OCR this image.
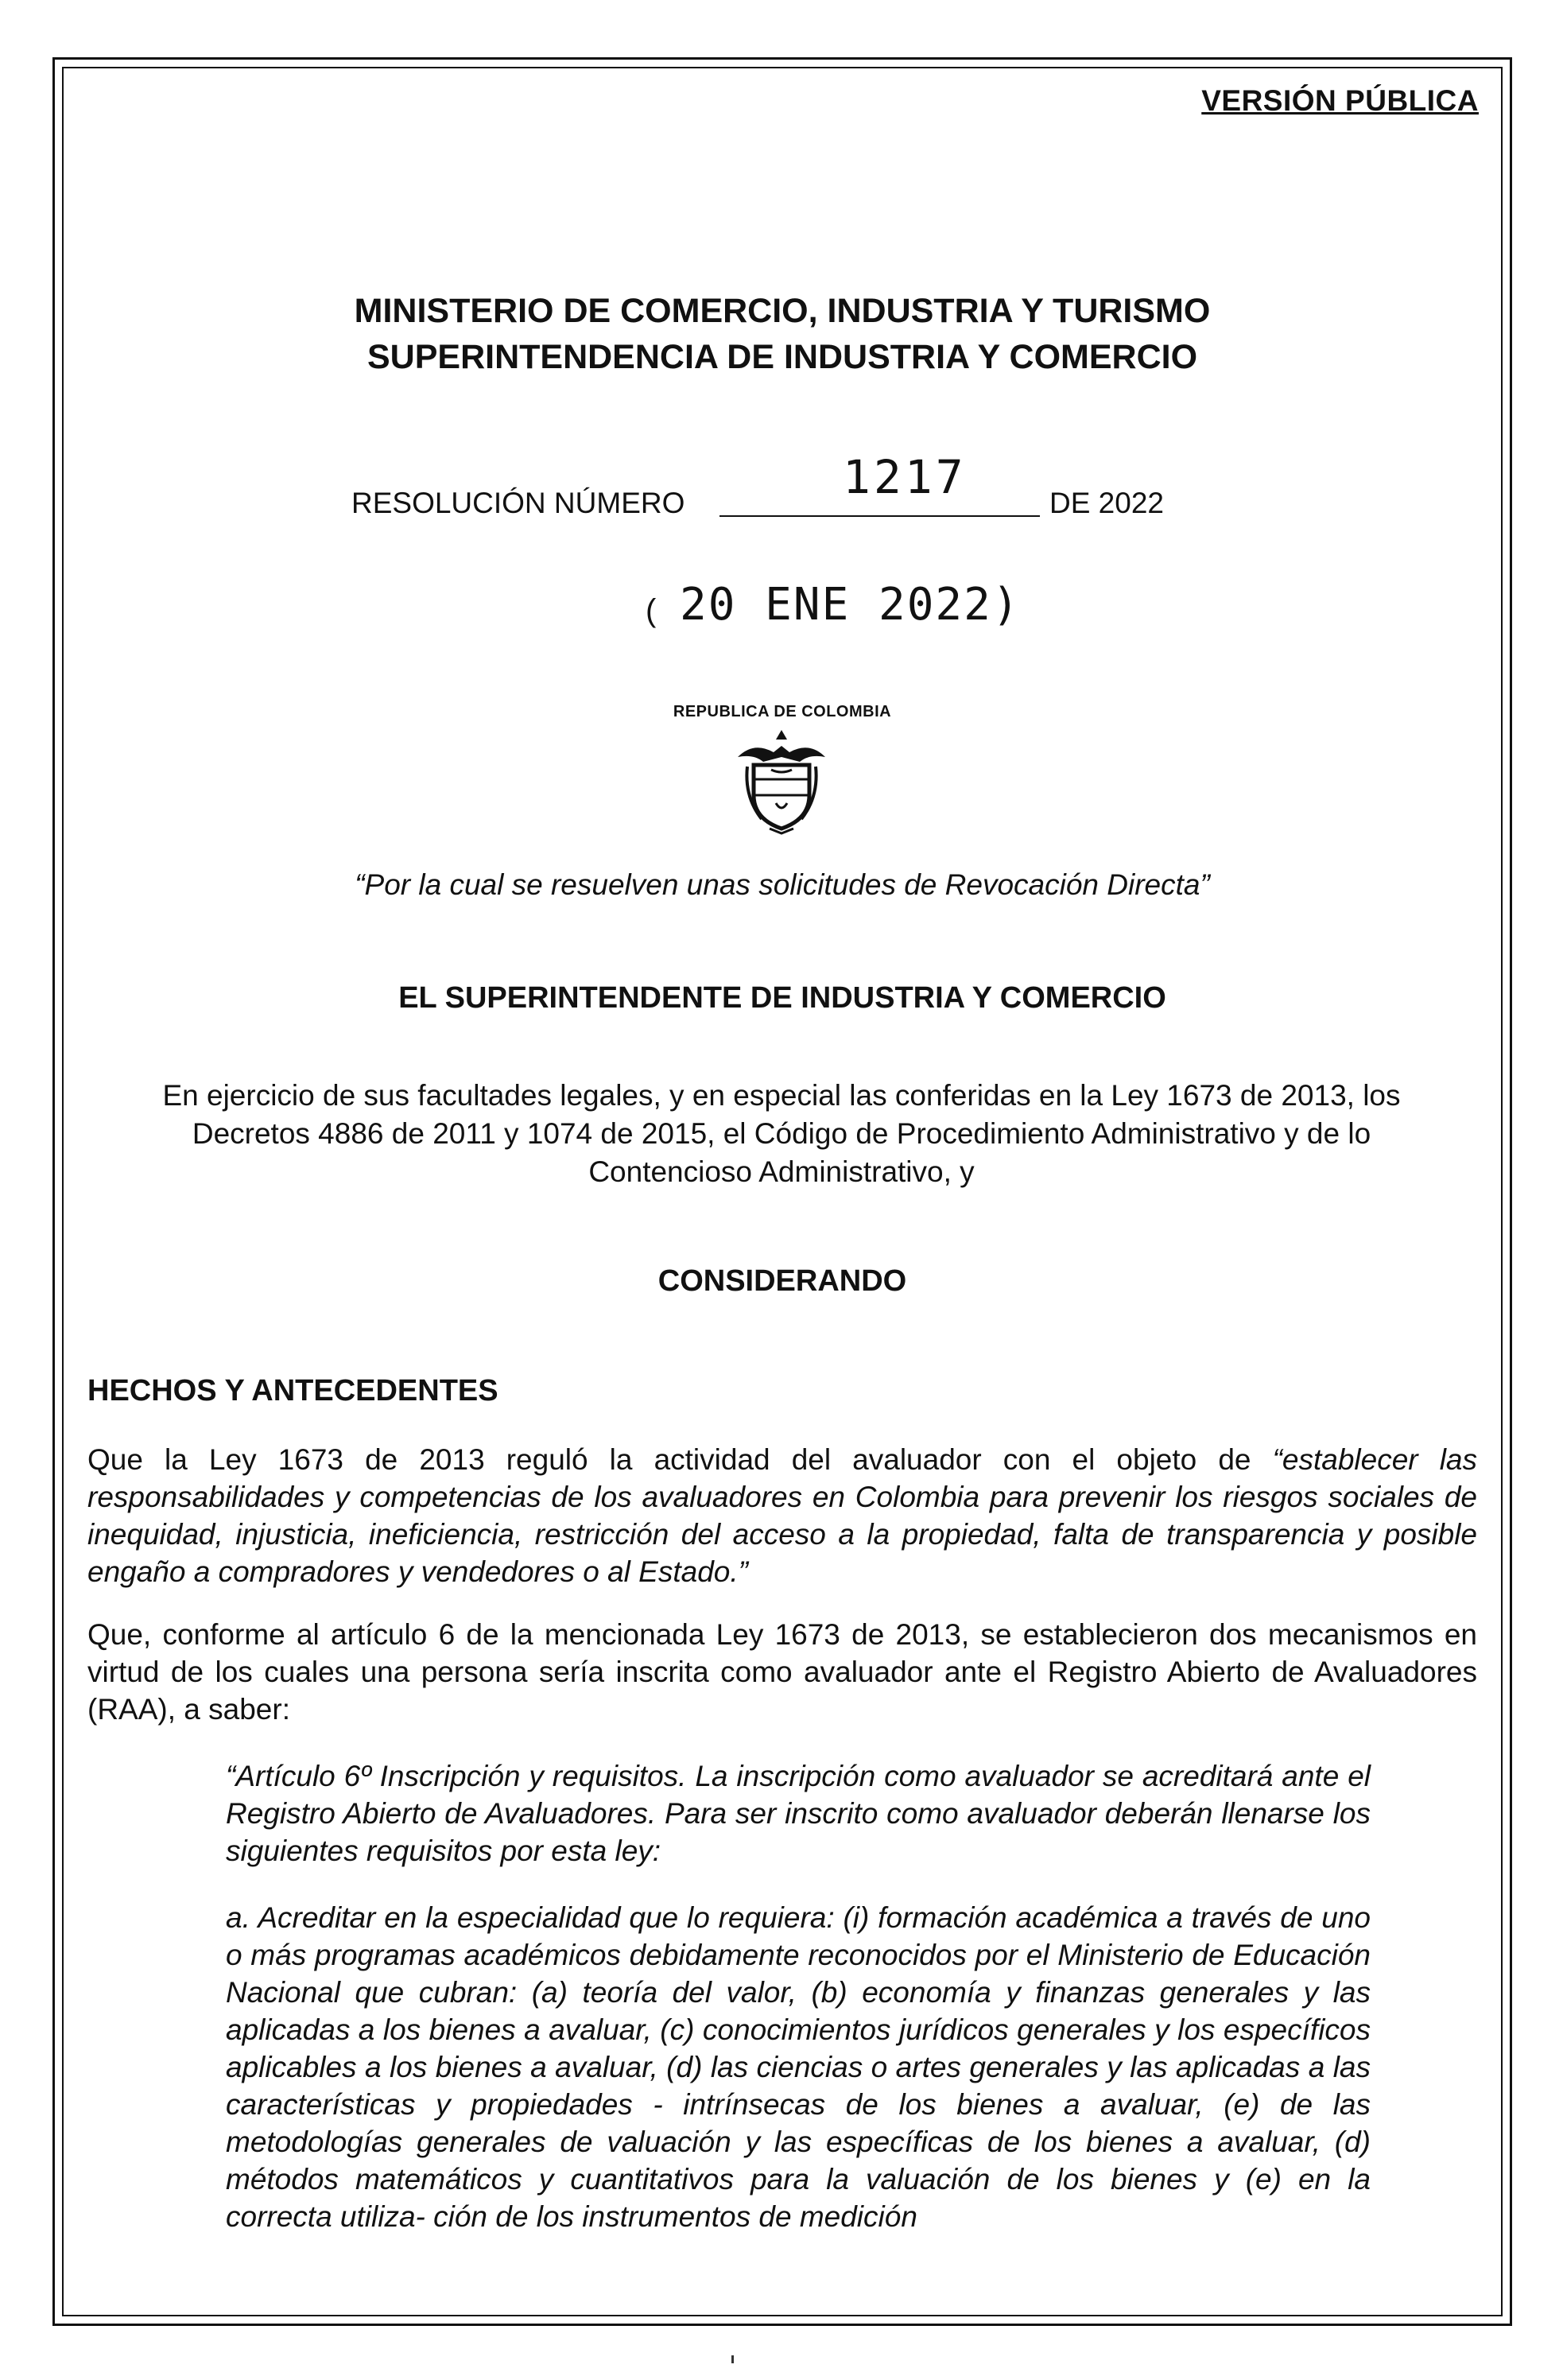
VERSIÓN PÚBLICA
MINISTERIO DE COMERCIO, INDUSTRIA Y TURISMO
SUPERINTENDENCIA DE INDUSTRIA Y COMERCIO
RESOLUCIÓN NÚMERO	1217	DE 2022
( 20 ENE 2022)
REPUBLICA DE COLOMBIA
“Por la cual se resuelven unas solicitudes de Revocación Directa”
EL SUPERINTENDENTE DE INDUSTRIA Y COMERCIO
En ejercicio de sus facultades legales, y en especial las conferidas en la Ley 1673 de 2013, los Decretos 4886 de 2011 y 1074 de 2015, el Código de Procedimiento Administrativo y de lo Contencioso Administrativo, y
CONSIDERANDO
HECHOS Y ANTECEDENTES
Que la Ley 1673 de 2013 reguló la actividad del avaluador con el objeto de “establecer las responsabilidades y competencias de los avaluadores en Colombia para prevenir los riesgos sociales de inequidad, injusticia, ineficiencia, restricción del acceso a la propiedad, falta de transparencia y posible engaño a compradores y vendedores o al Estado.”
Que, conforme al artículo 6 de la mencionada Ley 1673 de 2013, se establecieron dos mecanismos en virtud de los cuales una persona sería inscrita como avaluador ante el Registro Abierto de Avaluadores (RAA), a saber:
“Artículo 6º Inscripción y requisitos. La inscripción como avaluador se acreditará ante el Registro Abierto de Avaluadores. Para ser inscrito como avaluador deberán llenarse los siguientes requisitos por esta ley:
a. Acreditar en la especialidad que lo requiera: (i) formación académica a través de uno o más programas académicos debidamente reconocidos por el Ministerio de Educación Nacional que cubran: (a) teoría del valor, (b) economía y finanzas generales y las aplicadas a los bienes a avaluar, (c) conocimientos jurídicos generales y los específicos aplicables a los bienes a avaluar, (d) las ciencias o artes generales y las aplicadas a las características y propiedades - intrínsecas de los bienes a avaluar, (e) de las metodologías generales de valuación y las específicas de los bienes a avaluar, (d) métodos matemáticos y cuantitativos para la valuación de los bienes y (e) en la correcta utiliza- ción de los instrumentos de medición
